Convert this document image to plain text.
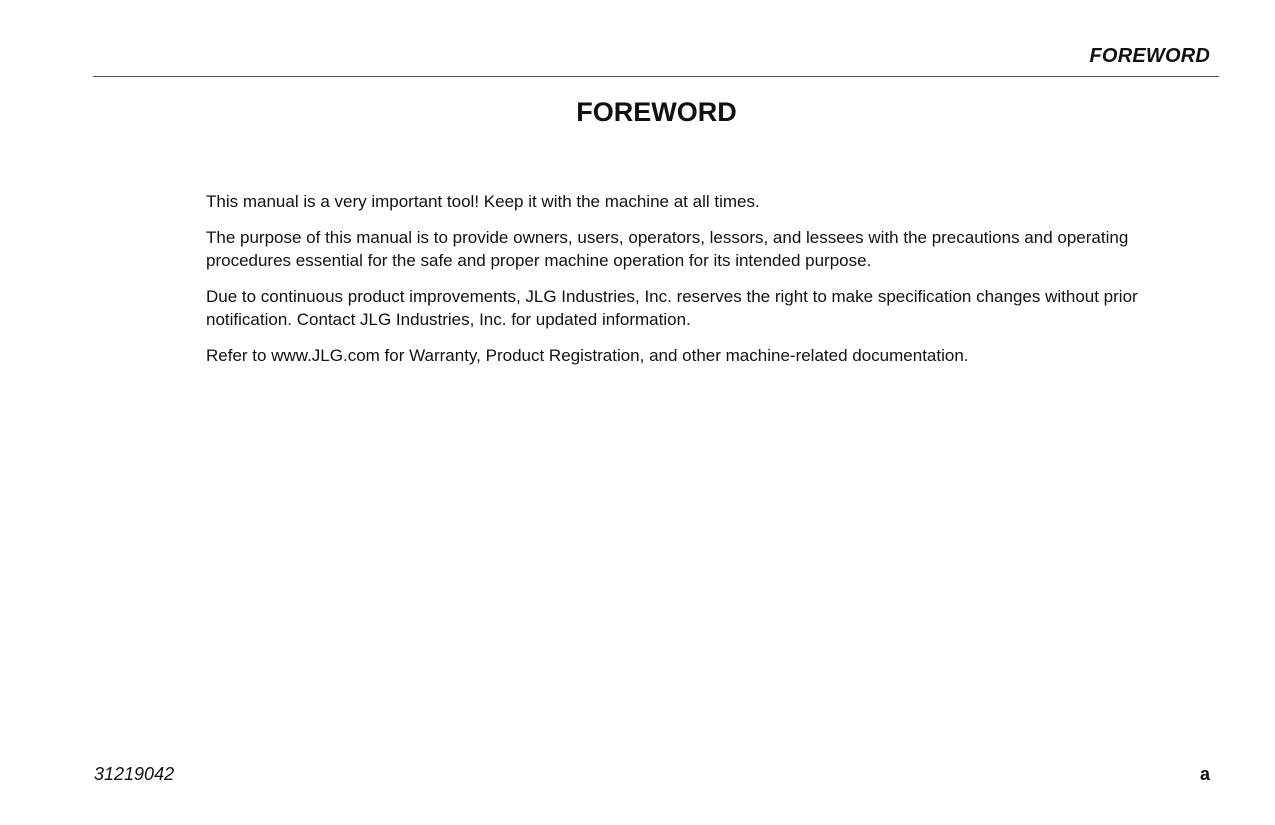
FOREWORD
FOREWORD

This manual is a very important tool! Keep it with the machine at all times.

The purpose of this manual is to provide owners, users, operators, lessors, and lessees with the precautions and operating procedures essential for the safe and proper machine operation for its intended purpose.

Due to continuous product improvements, JLG Industries, Inc. reserves the right to make specification changes without prior notification. Contact JLG Industries, Inc. for updated information.

Refer to www.JLG.com for Warranty, Product Registration, and other machine-related documentation.

31219042	a
